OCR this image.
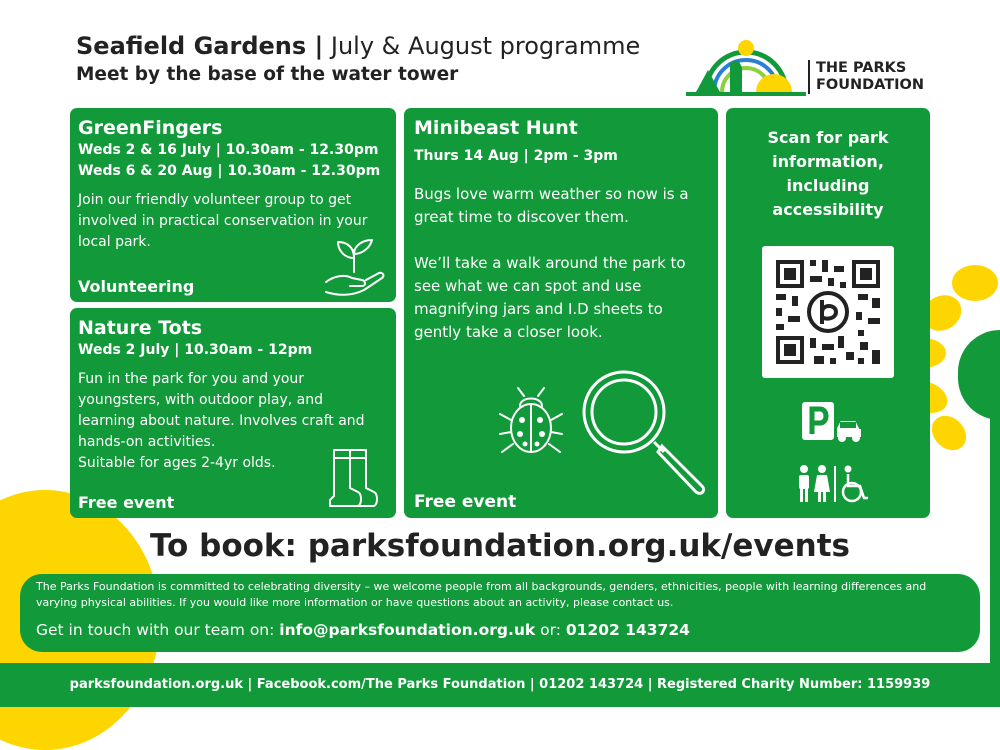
Seafield Gardens | July & August programme
Meet by the base of the water tower	THE PARKS
FOUNDATION
GreenFingers
Weds 2 & 16 July | 10.30am - 12.30pm
Weds 6 & 20 Aug | 10.30am - 12.30pm
Join our friendly volunteer group to get involved in practical conservation in your local park.
Volunteering
Nature Tots
Weds 2 July | 10.30am - 12pm
Fun in the park for you and your youngsters, with outdoor play, and learning about nature. Involves craft and hands-on activities.
Suitable for ages 2-4yr olds.
Free event
Minibeast Hunt
Thurs 14 Aug | 2pm - 3pm
Bugs love warm weather so now is a great time to discover them.
We’ll take a walk around the park to see what we can spot and use magnifying jars and I.D sheets to gently take a closer look.
Free event
Scan for park information, including accessibility
To book: parksfoundation.org.uk/events
The Parks Foundation is committed to celebrating diversity – we welcome people from all backgrounds, genders, ethnicities, people with learning differences and varying physical abilities. If you would like more information or have questions about an activity, please contact us.
Get in touch with our team on: info@parksfoundation.org.uk or: 01202 143724
parksfoundation.org.uk | Facebook.com/The Parks Foundation | 01202 143724 | Registered Charity Number: 1159939
